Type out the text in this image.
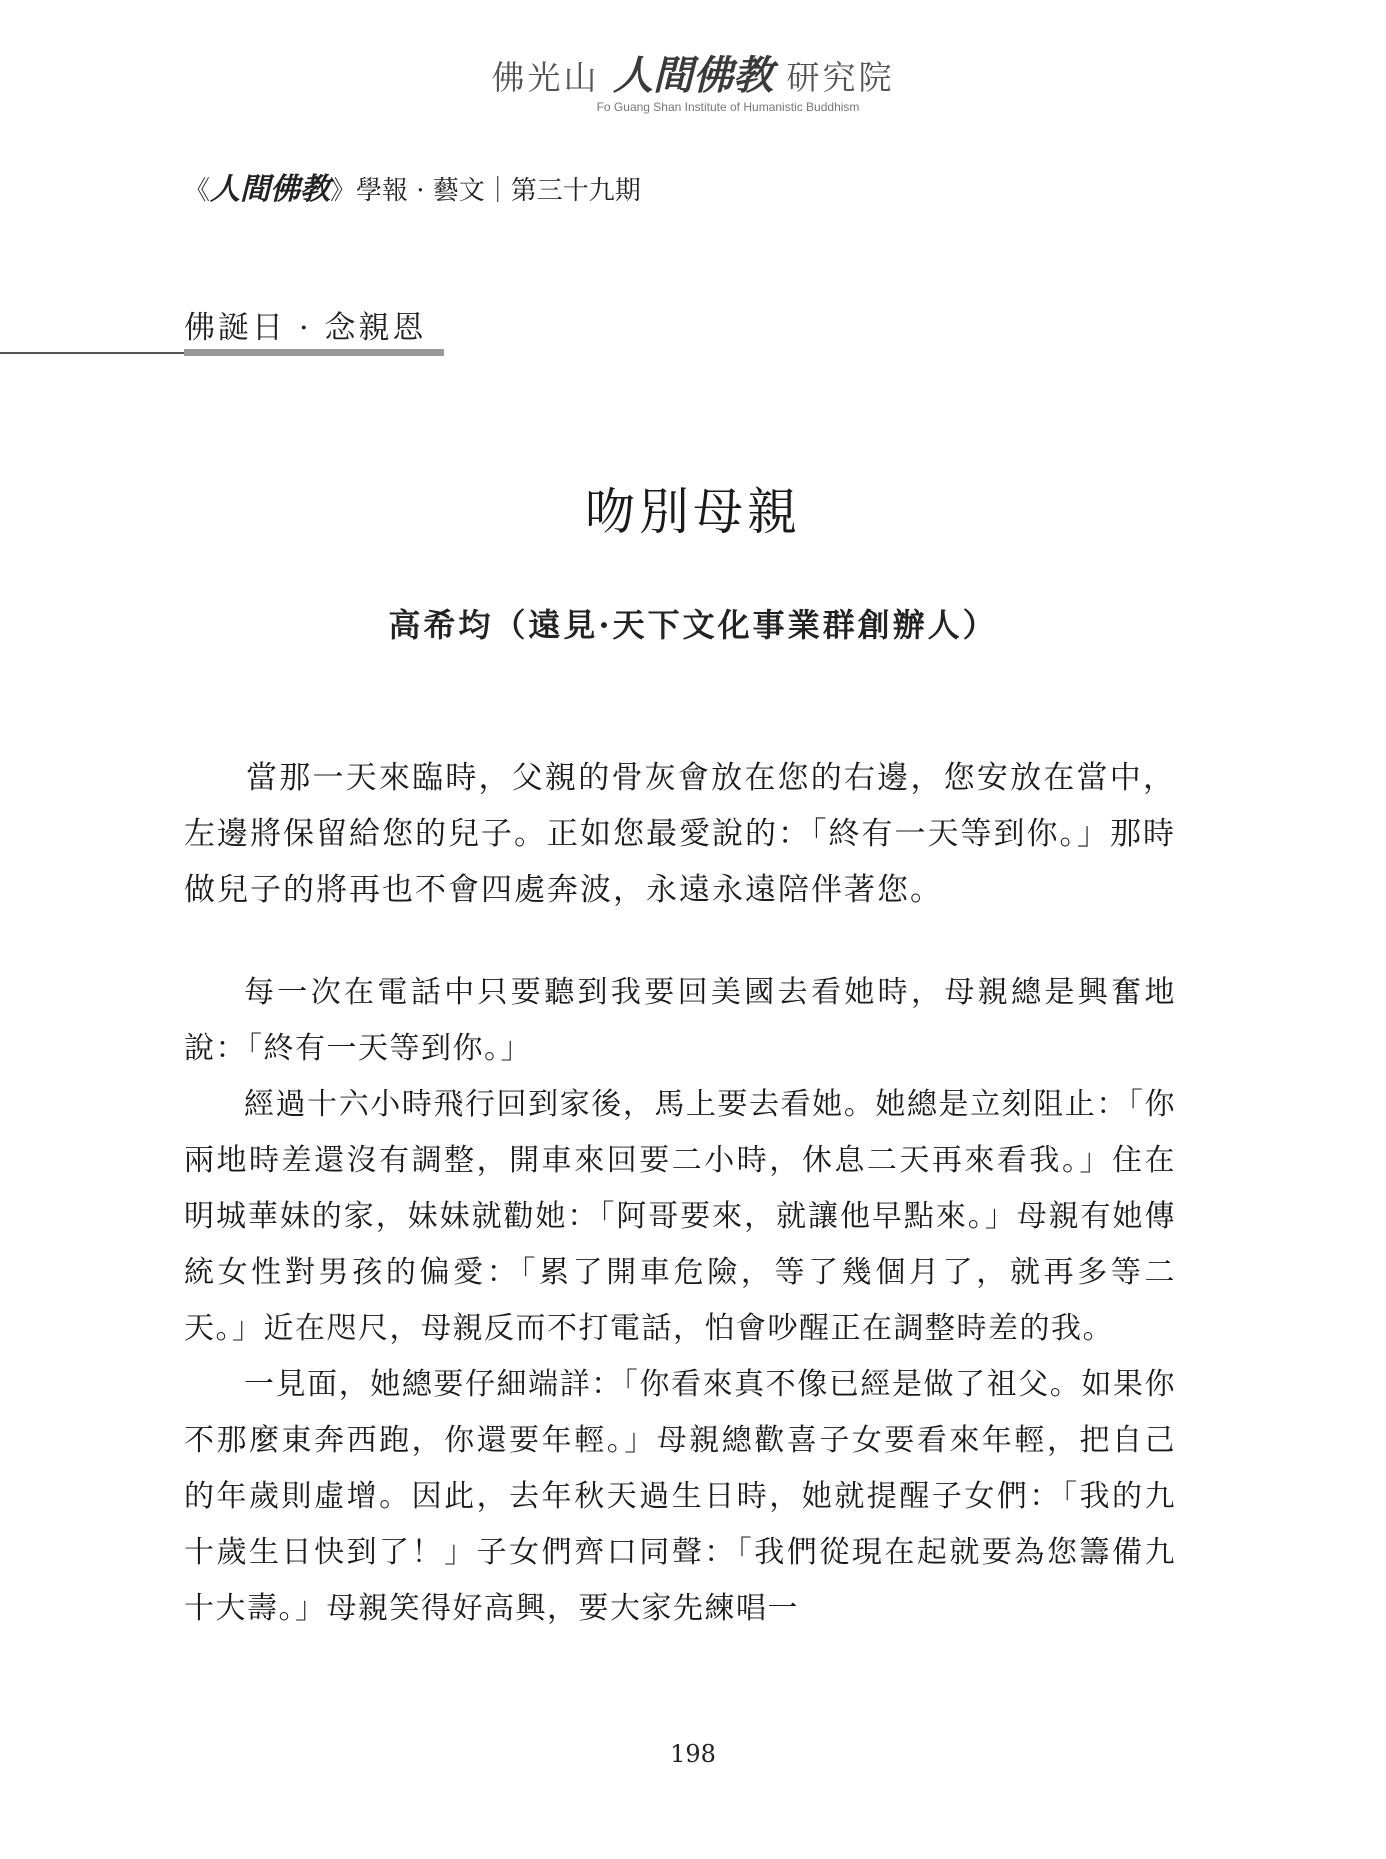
佛光山 人間佛教 研究院
Fo Guang Shan Institute of Humanistic Buddhism
《人間佛教》學報 · 藝文｜第三十九期
佛誕日 · 念親恩
吻別母親
高希均（遠見·天下文化事業群創辦人）

當那一天來臨時，父親的骨灰會放在您的右邊，您安放在當中，左邊將保留給您的兒子。正如您最愛說的：「終有一天等到你。」那時做兒子的將再也不會四處奔波，永遠永遠陪伴著您。

每一次在電話中只要聽到我要回美國去看她時，母親總是興奮地說：「終有一天等到你。」

經過十六小時飛行回到家後，馬上要去看她。她總是立刻阻止：「你兩地時差還沒有調整，開車來回要二小時，休息二天再來看我。」住在明城華妹的家，妹妹就勸她：「阿哥要來，就讓他早點來。」母親有她傳統女性對男孩的偏愛：「累了開車危險，等了幾個月了，就再多等二天。」近在咫尺，母親反而不打電話，怕會吵醒正在調整時差的我。

一見面，她總要仔細端詳：「你看來真不像已經是做了祖父。如果你不那麼東奔西跑，你還要年輕。」母親總歡喜子女要看來年輕，把自己的年歲則虛增。因此，去年秋天過生日時，她就提醒子女們：「我的九十歲生日快到了！」子女們齊口同聲：「我們從現在起就要為您籌備九十大壽。」母親笑得好高興，要大家先練唱一

198
